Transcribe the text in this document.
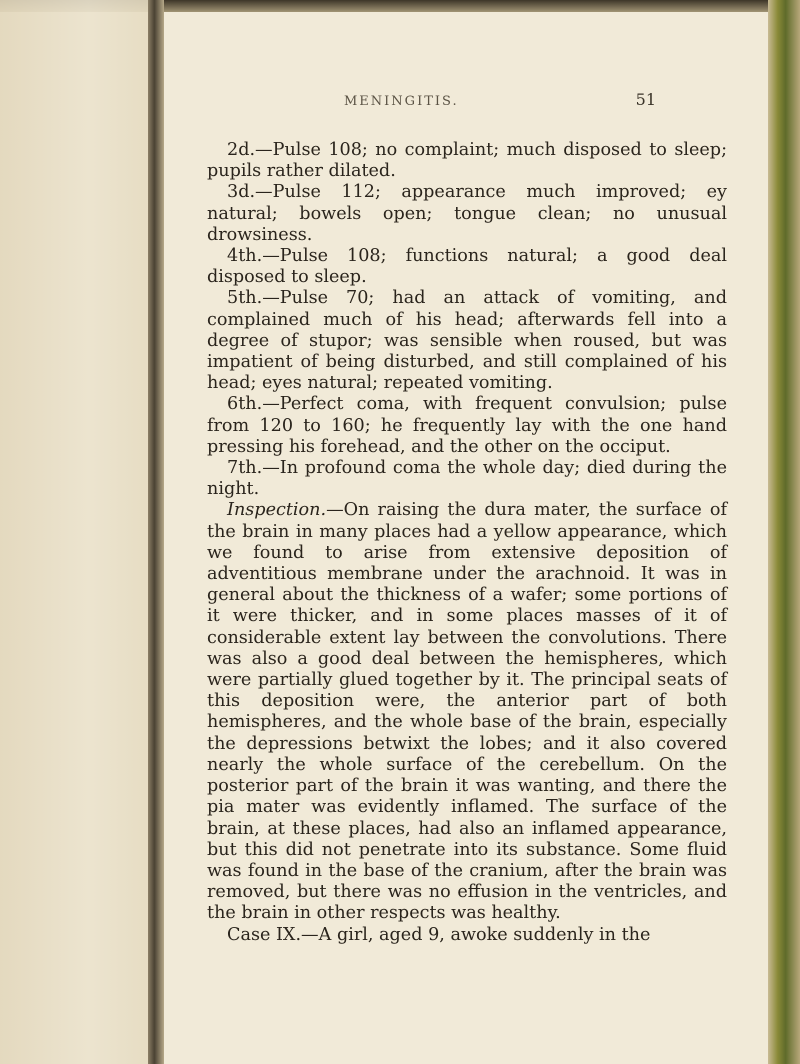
MENINGITIS.	51

2d.—Pulse 108; no complaint; much disposed to sleep; pupils rather dilated.

3d.—Pulse 112; appearance much improved; ey natural; bowels open; tongue clean; no unusual drowsiness.

4th.—Pulse 108; functions natural; a good deal disposed to sleep.

5th.—Pulse 70; had an attack of vomiting, and complained much of his head; afterwards fell into a degree of stupor; was sensible when roused, but was impatient of being disturbed, and still complained of his head; eyes natural; repeated vomiting.

6th.—Perfect coma, with frequent convulsion; pulse from 120 to 160; he frequently lay with the one hand pressing his forehead, and the other on the occiput.

7th.—In profound coma the whole day; died during the night.

Inspection.—On raising the dura mater, the surface of the brain in many places had a yellow appearance, which we found to arise from extensive deposition of adventitious membrane under the arachnoid. It was in general about the thickness of a wafer; some portions of it were thicker, and in some places masses of it of considerable extent lay between the convolutions. There was also a good deal between the hemispheres, which were partially glued together by it. The principal seats of this deposition were, the anterior part of both hemispheres, and the whole base of the brain, especially the depressions betwixt the lobes; and it also covered nearly the whole surface of the cerebellum. On the posterior part of the brain it was wanting, and there the pia mater was evidently inflamed. The surface of the brain, at these places, had also an inflamed appearance, but this did not penetrate into its substance. Some fluid was found in the base of the cranium, after the brain was removed, but there was no effusion in the ventricles, and the brain in other respects was healthy.

Case IX.—A girl, aged 9, awoke suddenly in the
